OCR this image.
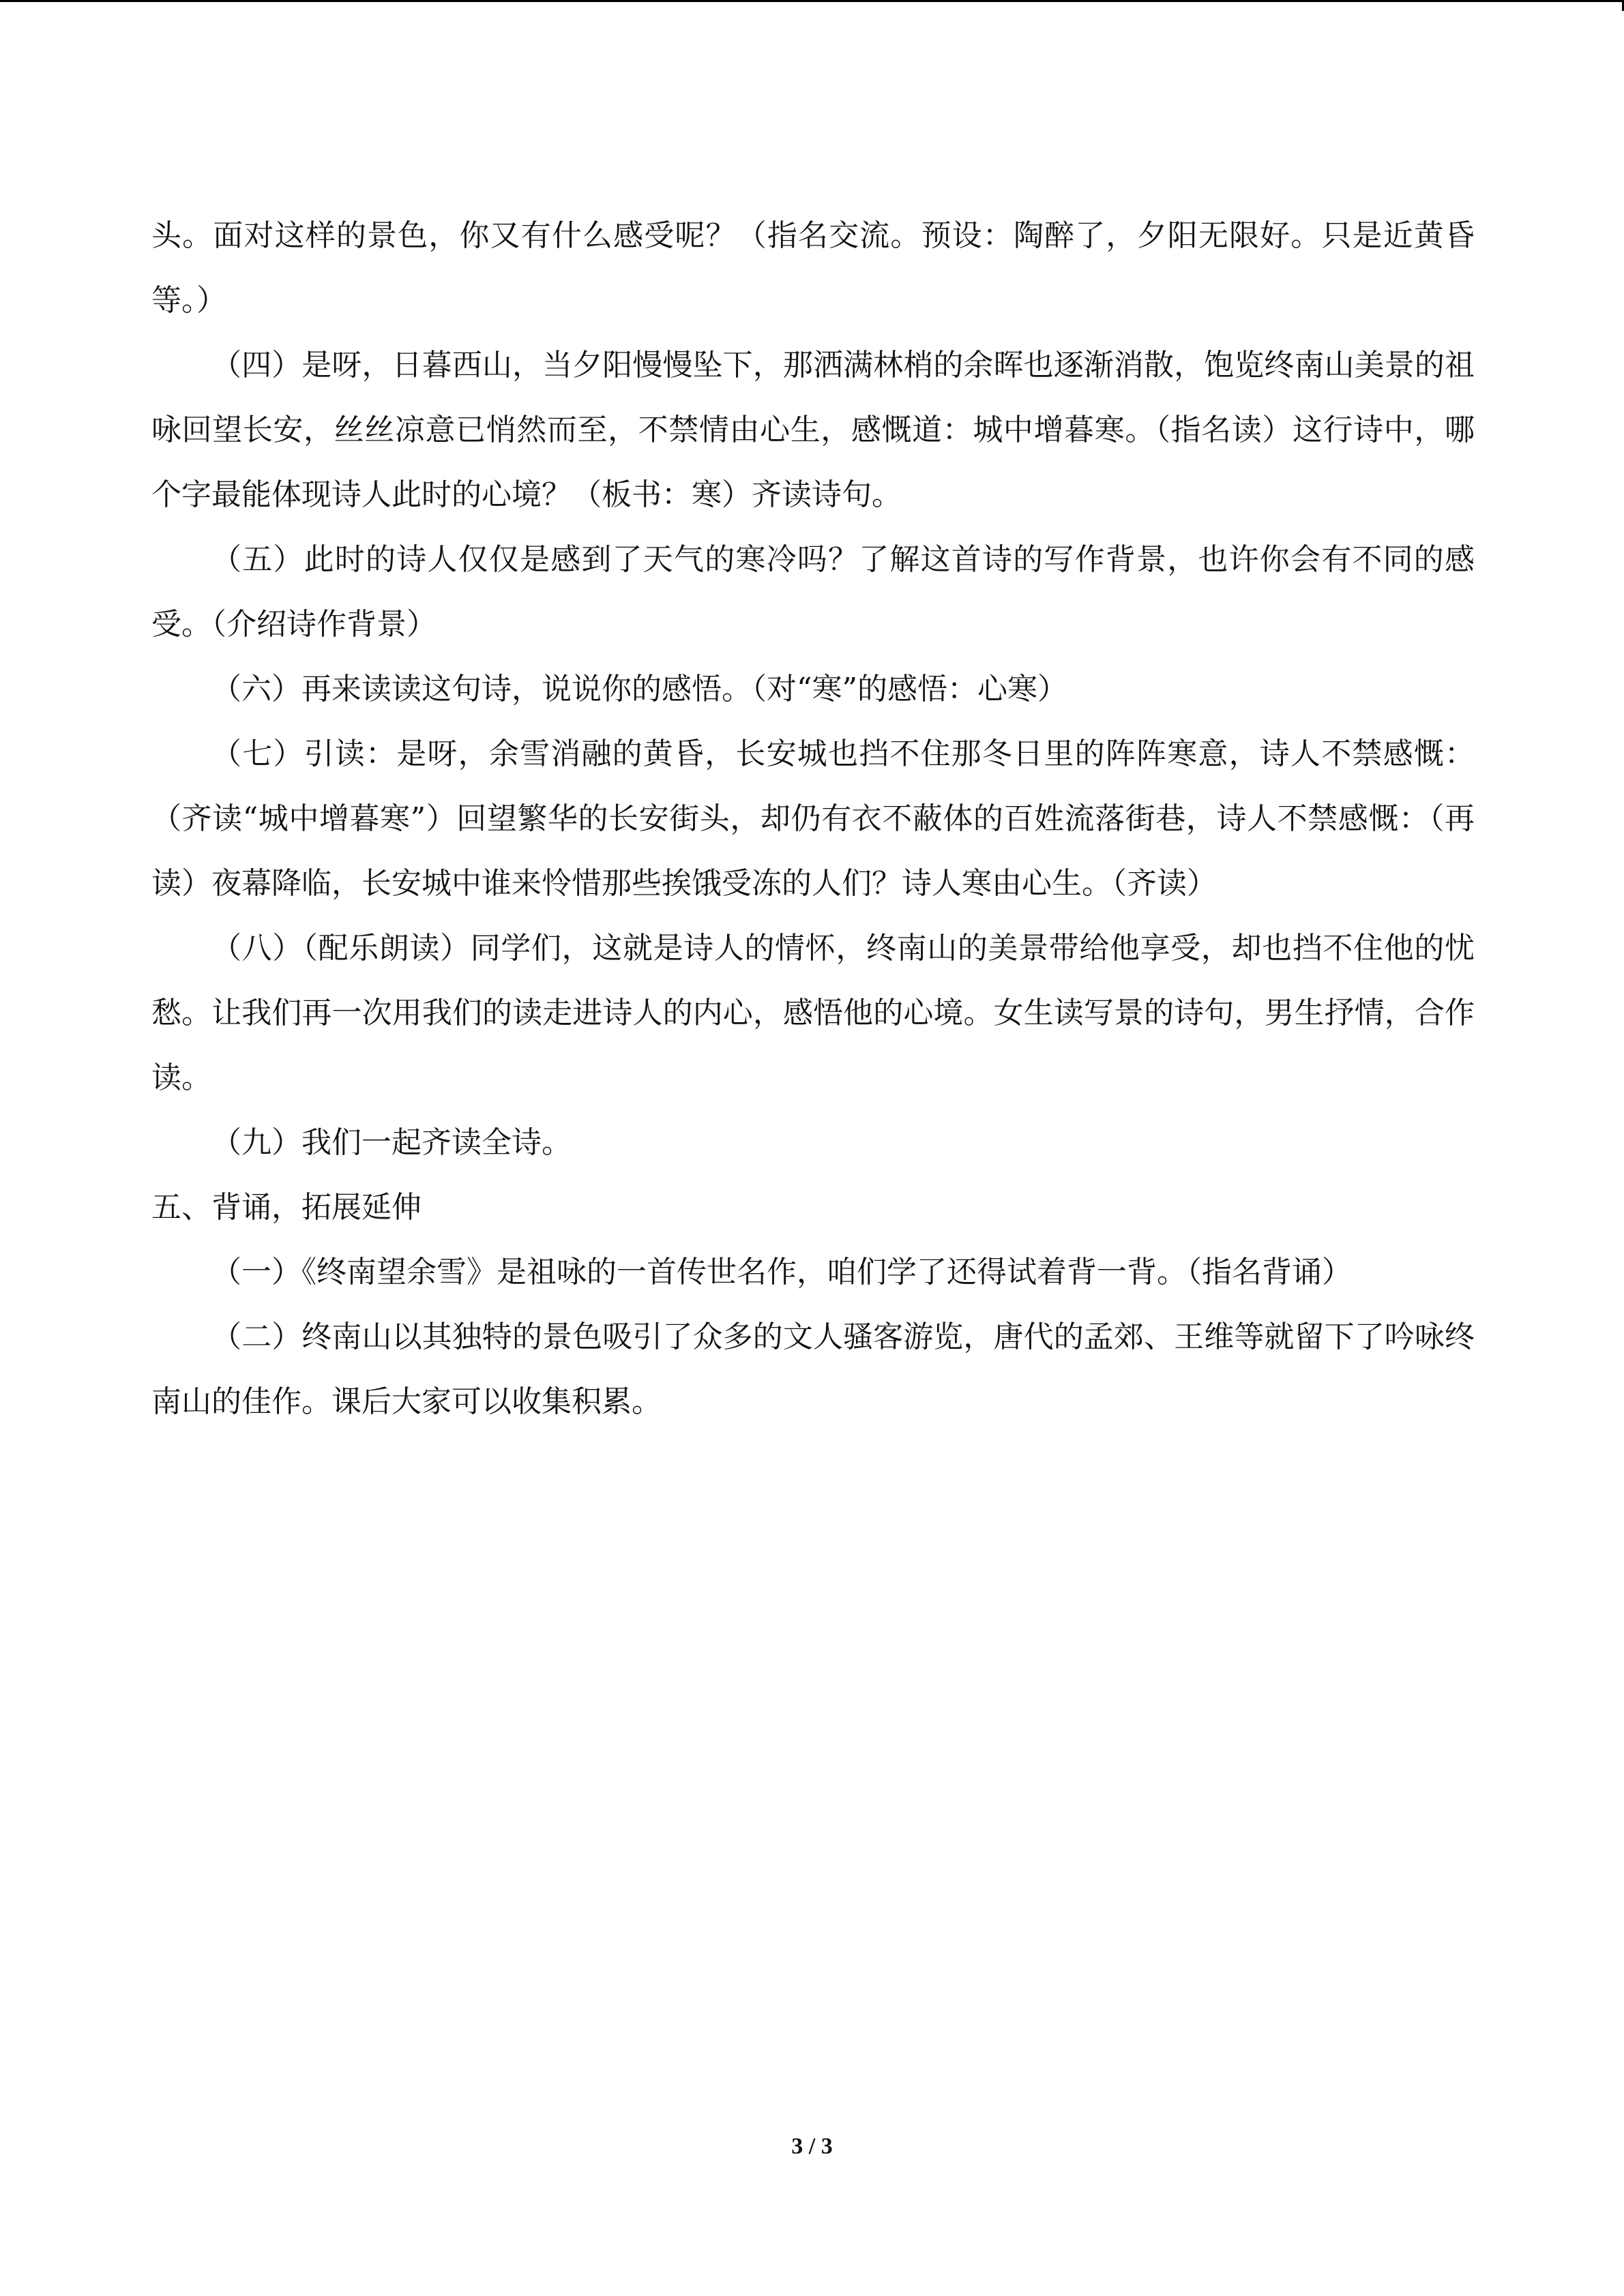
头。面对这样的景色，你又有什么感受呢？（指名交流。预设：陶醉了，夕阳无限好。只是近黄昏等。）

（四）是呀，日暮西山，当夕阳慢慢坠下，那洒满林梢的余晖也逐渐消散，饱览终南山美景的祖咏回望长安，丝丝凉意已悄然而至，不禁情由心生，感慨道：城中增暮寒。（指名读）这行诗中，哪个字最能体现诗人此时的心境？（板书：寒）齐读诗句。

（五）此时的诗人仅仅是感到了天气的寒冷吗？了解这首诗的写作背景，也许你会有不同的感受。（介绍诗作背景）

（六）再来读读这句诗，说说你的感悟。（对“寒”的感悟：心寒）

（七）引读：是呀，余雪消融的黄昏，长安城也挡不住那冬日里的阵阵寒意，诗人不禁感慨：（齐读“城中增暮寒”）回望繁华的长安街头，却仍有衣不蔽体的百姓流落街巷，诗人不禁感慨：（再读）夜幕降临，长安城中谁来怜惜那些挨饿受冻的人们？诗人寒由心生。（齐读）

（八）（配乐朗读）同学们，这就是诗人的情怀，终南山的美景带给他享受，却也挡不住他的忧愁。让我们再一次用我们的读走进诗人的内心，感悟他的心境。女生读写景的诗句，男生抒情，合作读。

（九）我们一起齐读全诗。

五、背诵，拓展延伸

（一）《终南望余雪》是祖咏的一首传世名作，咱们学了还得试着背一背。（指名背诵）

（二）终南山以其独特的景色吸引了众多的文人骚客游览，唐代的孟郊、王维等就留下了吟咏终南山的佳作。课后大家可以收集积累。

3 / 3
